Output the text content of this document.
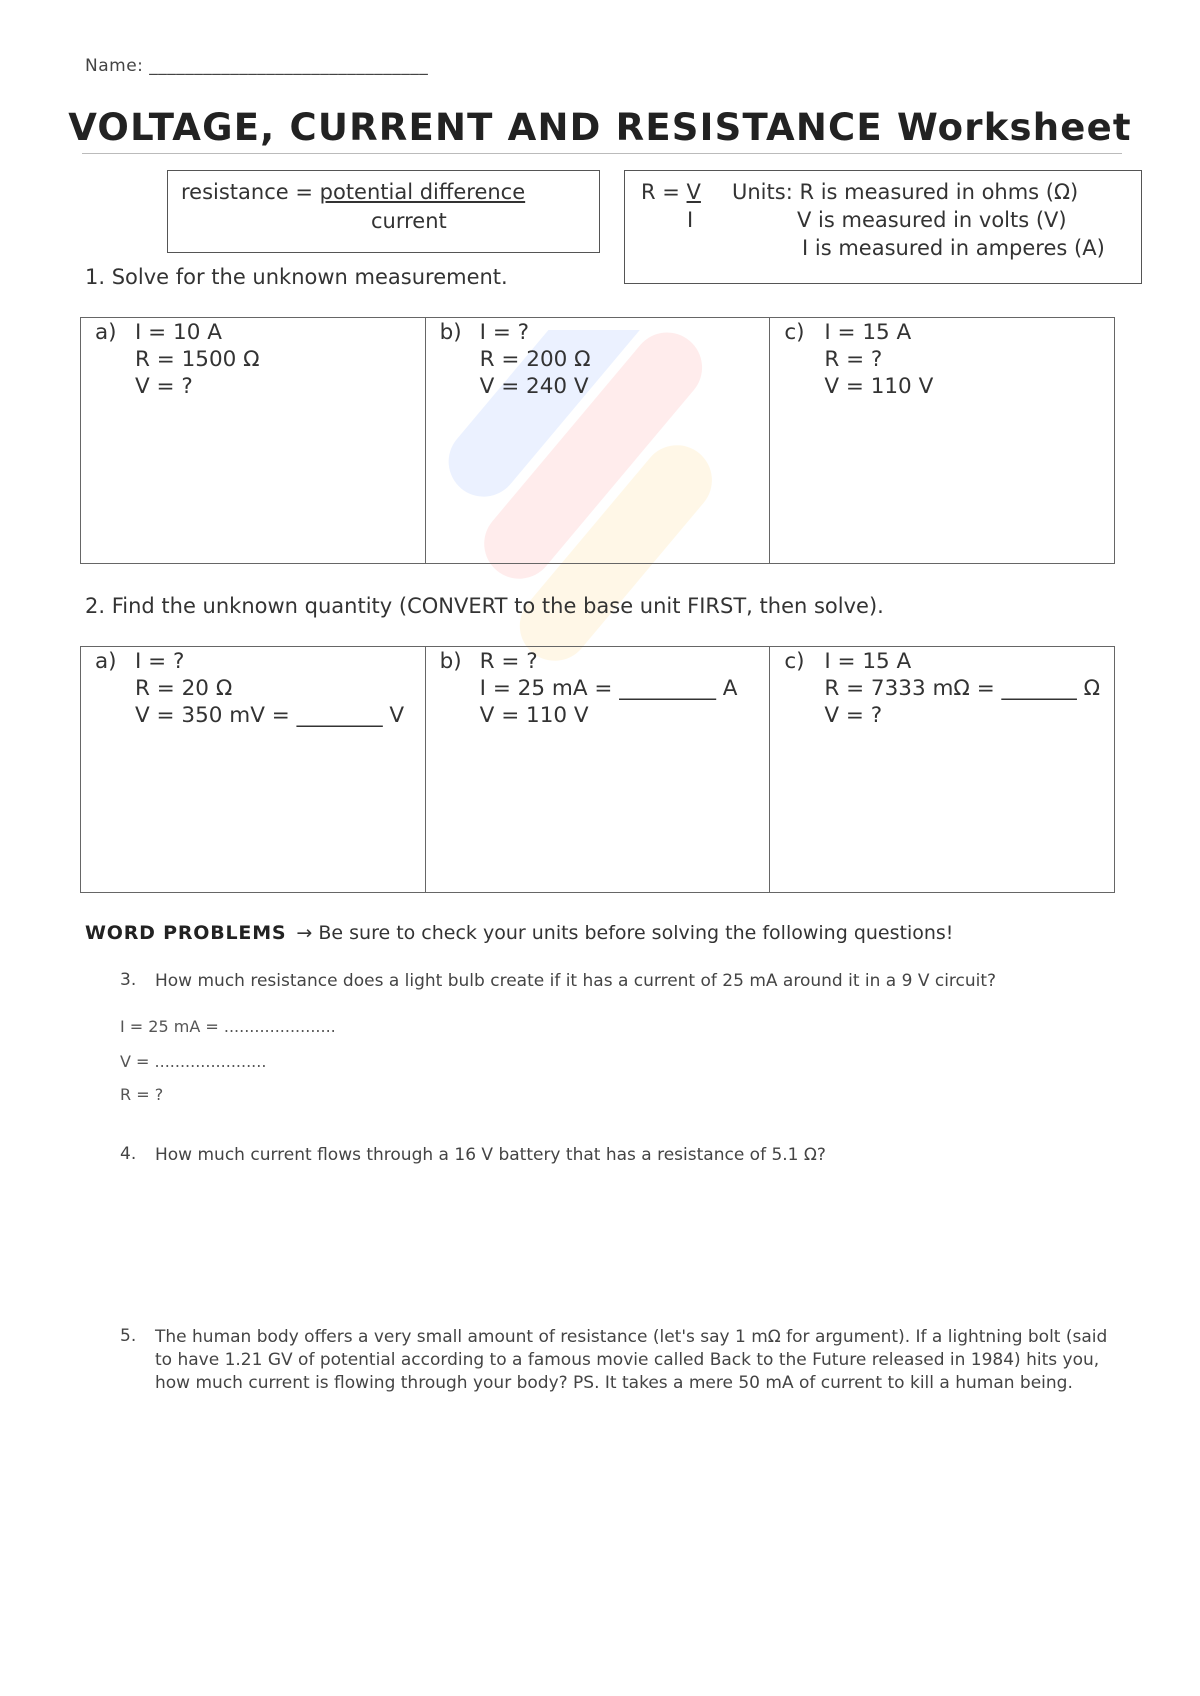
Name: _______________________________
VOLTAGE, CURRENT AND RESISTANCE Worksheet
resistance = potential difference
current
R = V
I
Units: R is measured in ohms (Ω)
V is measured in volts (V)
I is measured in amperes (A)
1. Solve for the unknown measurement.
a) I = 10 A
R = 1500 Ω
V = ?

b) I = ?
R = 200 Ω
V = 240 V

c) I = 15 A
R = ?
V = 110 V
2. Find the unknown quantity (CONVERT to the base unit FIRST, then solve).
a) I = ?
R = 20 Ω
V = 350 mV = ________ V

b) R = ?
I = 25 mA = _________ A
V = 110 V

c) I = 15 A
R = 7333 mΩ = _______ Ω
V = ?
WORD PROBLEMS → Be sure to check your units before solving the following questions!
3. How much resistance does a light bulb create if it has a current of 25 mA around it in a 9 V circuit?
I = 25 mA = ......................
V = ......................
R = ?
4. How much current flows through a 16 V battery that has a resistance of 5.1 Ω?
5. The human body offers a very small amount of resistance (let's say 1 mΩ for argument). If a lightning bolt (said to have 1.21 GV of potential according to a famous movie called Back to the Future released in 1984) hits you, how much current is flowing through your body? PS. It takes a mere 50 mA of current to kill a human being.
